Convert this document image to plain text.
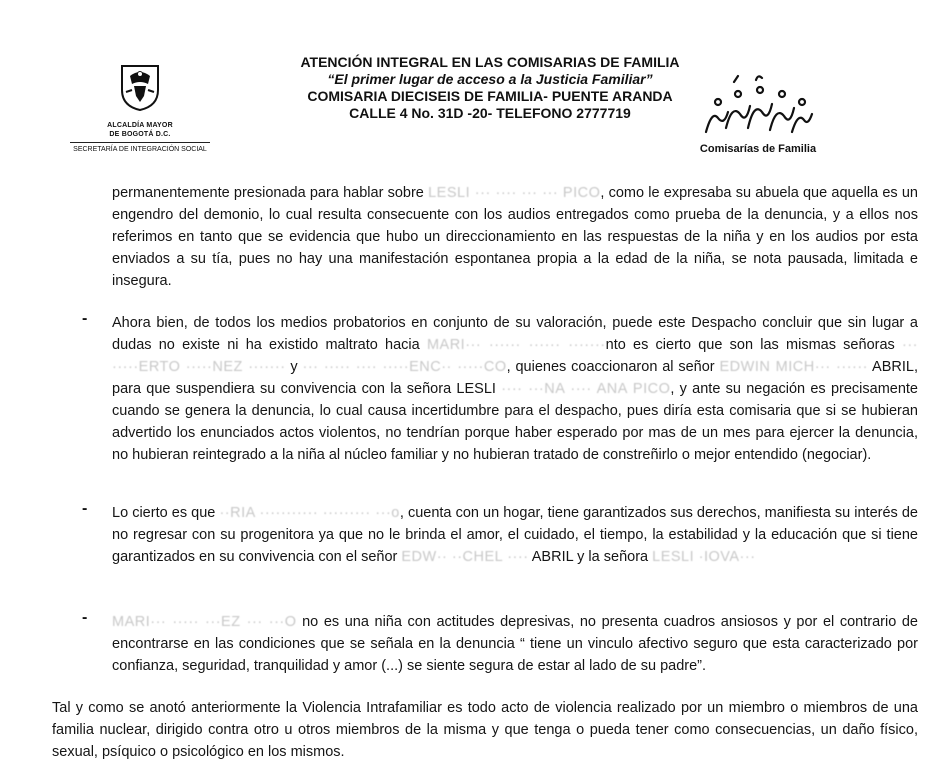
ALCALDÍA MAYOR
DE BOGOTÁ D.C.
SECRETARÍA DE INTEGRACIÓN SOCIAL
ATENCIÓN INTEGRAL EN LAS COMISARIAS DE FAMILIA
“El primer lugar de acceso a la Justicia Familiar”
COMISARIA DIECISEIS DE FAMILIA- PUENTE ARANDA
CALLE 4 No. 31D -20- TELEFONO 2777719
Comisarías de Familia
permanentemente presionada para hablar sobre LESLI ··· ···· ··· ··· PICO, como le expresaba su abuela que aquella es un engendro del demonio, lo cual resulta consecuente con los audios entregados como prueba de la denuncia, y a ellos nos referimos en tanto que se evidencia que hubo un direccionamiento en las respuestas de la niña y en los audios por esta enviados a su tía, pues no hay una manifestación espontanea propia a la edad de la niña, se nota pausada, limitada e insegura.
- Ahora bien, de todos los medios probatorios en conjunto de su valoración, puede este Despacho concluir que sin lugar a dudas no existe ni ha existido maltrato hacia MARI··· ······ ······ ·······nto es cierto que son las mismas señoras ··· ·····ERTO ·····NEZ ······· y ··· ····· ···· ·····ENC·· ·····CO, quienes coaccionaron al señor EDWIN MICH··· ······ ABRIL, para que suspendiera su convivencia con la señora LESLI ···· ···NA ···· ANA PICO, y ante su negación es precisamente cuando se genera la denuncia, lo cual causa incertidumbre para el despacho, pues diría esta comisaria que si se hubieran advertido los enunciados actos violentos, no tendrían porque haber esperado por mas de un mes para ejercer la denuncia, no hubieran reintegrado a la niña al núcleo familiar y no hubieran tratado de constreñirlo o mejor entendido (negociar).
- Lo cierto es que ··RIA ··········· ········· ···o, cuenta con un hogar, tiene garantizados sus derechos, manifiesta su interés de no regresar con su progenitora ya que no le brinda el amor, el cuidado, el tiempo, la estabilidad y la educación que si tiene garantizados en su convivencia con el señor EDW·· ··CHEL ···· ABRIL y la señora LESLI ·IOVA···
- MARI··· ····· ···EZ ··· ···O no es una niña con actitudes depresivas, no presenta cuadros ansiosos y por el contrario de encontrarse en las condiciones que se señala en la denuncia “ tiene un vinculo afectivo seguro que esta caracterizado por confianza, seguridad, tranquilidad y amor (...) se siente segura de estar al lado de su padre”.
Tal y como se anotó anteriormente la Violencia Intrafamiliar es todo acto de violencia realizado por un miembro o miembros de una familia nuclear, dirigido contra otro u otros miembros de la misma y que tenga o pueda tener como consecuencias, un daño físico, sexual, psíquico o psicológico en los mismos.
